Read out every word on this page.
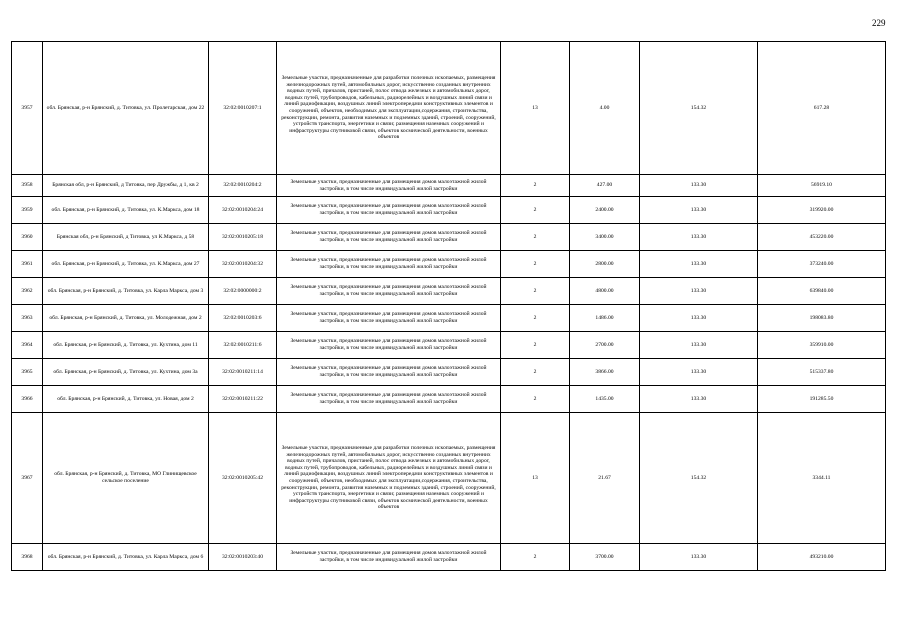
229
3957	обл. Брянская, р-н Брянский, д. Титовка, ул. Пролетарская, дом 22	32:02:0010207:1	Земельные участки, предназначенные для разработки полезных ископаемых, размещения железнодорожных путей, автомобильных дорог, искусственно созданных внутренних водных путей, причалов, пристаней, полос отвода железных и автомобильных дорог, водных путей, трубопроводов, кабельных, радиорелейных и воздушных линий связи и линий радиофикации, воздушных линий электропередачи конструктивных элементов и сооружений, объектов, необходимых для эксплуатации,содержания, строительства, реконструкции, ремонта, развития наземных и подземных зданий, строений, сооружений, устройств транспорта, энергетики и связи; размещения наземных сооружений и инфраструктуры спутниковой связи, объектов космической деятельности, военных объектов	13	4.00	154.32	617.28
3958	Брянская обл, р-н Брянский, д Титовка, пер Дружбы, д 1, кв 2	32:02:0010204:2	Земельные участки, предназначенные для размещения домов малоэтажной жилой застройки, в том числе индивидуальной жилой застройки	2	427.00	133.30	56919.10
3959	обл. Брянская, р-н Брянский, д. Титовка, ул. К.Маркса, дом 18	32:02:0010204:24	Земельные участки, предназначенные для размещения домов малоэтажной жилой застройки, в том числе индивидуальной жилой застройки	2	2400.00	133.30	319920.00
3960	Брянская обл, р-н Брянский, д Титовка, ул К.Маркса, д 58	32:02:0010205:18	Земельные участки, предназначенные для размещения домов малоэтажной жилой застройки, в том числе индивидуальной жилой застройки	2	3400.00	133.30	453220.00
3961	обл. Брянская, р-н Брянский, д. Титовка, ул. К.Маркса, дом 27	32:02:0010204:32	Земельные участки, предназначенные для размещения домов малоэтажной жилой застройки, в том числе индивидуальной жилой застройки	2	2800.00	133.30	373240.00
3962	обл. Брянская, р-н Брянский, д. Титовка, ул. Карла Маркса, дом 3	32:02:0000000:2	Земельные участки, предназначенные для размещения домов малоэтажной жилой застройки, в том числе индивидуальной жилой застройки	2	4800.00	133.30	639840.00
3963	обл. Брянская, р-н Брянский, д. Титовка, ул. Молодежная, дом 2	32:02:0010203:6	Земельные участки, предназначенные для размещения домов малоэтажной жилой застройки, в том числе индивидуальной жилой застройки	2	1486.00	133.30	198083.80
3964	обл. Брянская, р-н Брянский, д. Титовка, ул. Кухтина, дом 11	32:02:0010211:6	Земельные участки, предназначенные для размещения домов малоэтажной жилой застройки, в том числе индивидуальной жилой застройки	2	2700.00	133.30	359910.00
3965	обл. Брянская, р-н Брянский, д. Титовка, ул. Кухтина, дом 3а	32:02:0010211:14	Земельные участки, предназначенные для размещения домов малоэтажной жилой застройки, в том числе индивидуальной жилой застройки	2	3866.00	133.30	515337.80
3966	обл. Брянская, р-н Брянский, д. Титовка, ул. Новая, дом 2	32:02:0010211:22	Земельные участки, предназначенные для размещения домов малоэтажной жилой застройки, в том числе индивидуальной жилой застройки	2	1435.00	133.30	191285.50
3967	обл. Брянская, р-н Брянский, д. Титовка, МО Глинищевское сельское поселение	32:02:0010205:42	Земельные участки, предназначенные для разработки полезных ископаемых, размещения железнодорожных путей, автомобильных дорог, искусственно созданных внутренних водных путей, причалов, пристаней, полос отвода железных и автомобильных дорог, водных путей, трубопроводов, кабельных, радиорелейных и воздушных линий связи и линий радиофикации, воздушных линий электропередачи конструктивных элементов и сооружений, объектов, необходимых для эксплуатации,содержания, строительства, реконструкции, ремонта, развития наземных и подземных зданий, строений, сооружений, устройств транспорта, энергетики и связи; размещения наземных сооружений и инфраструктуры спутниковой связи, объектов космической деятельности, военных объектов	13	21.67	154.32	3344.11
3968	обл. Брянская, р-н Брянский, д. Титовка, ул. Карла Маркса, дом 6	32:02:0010203:40	Земельные участки, предназначенные для размещения домов малоэтажной жилой застройки, в том числе индивидуальной жилой застройки	2	3700.00	133.30	493210.00
